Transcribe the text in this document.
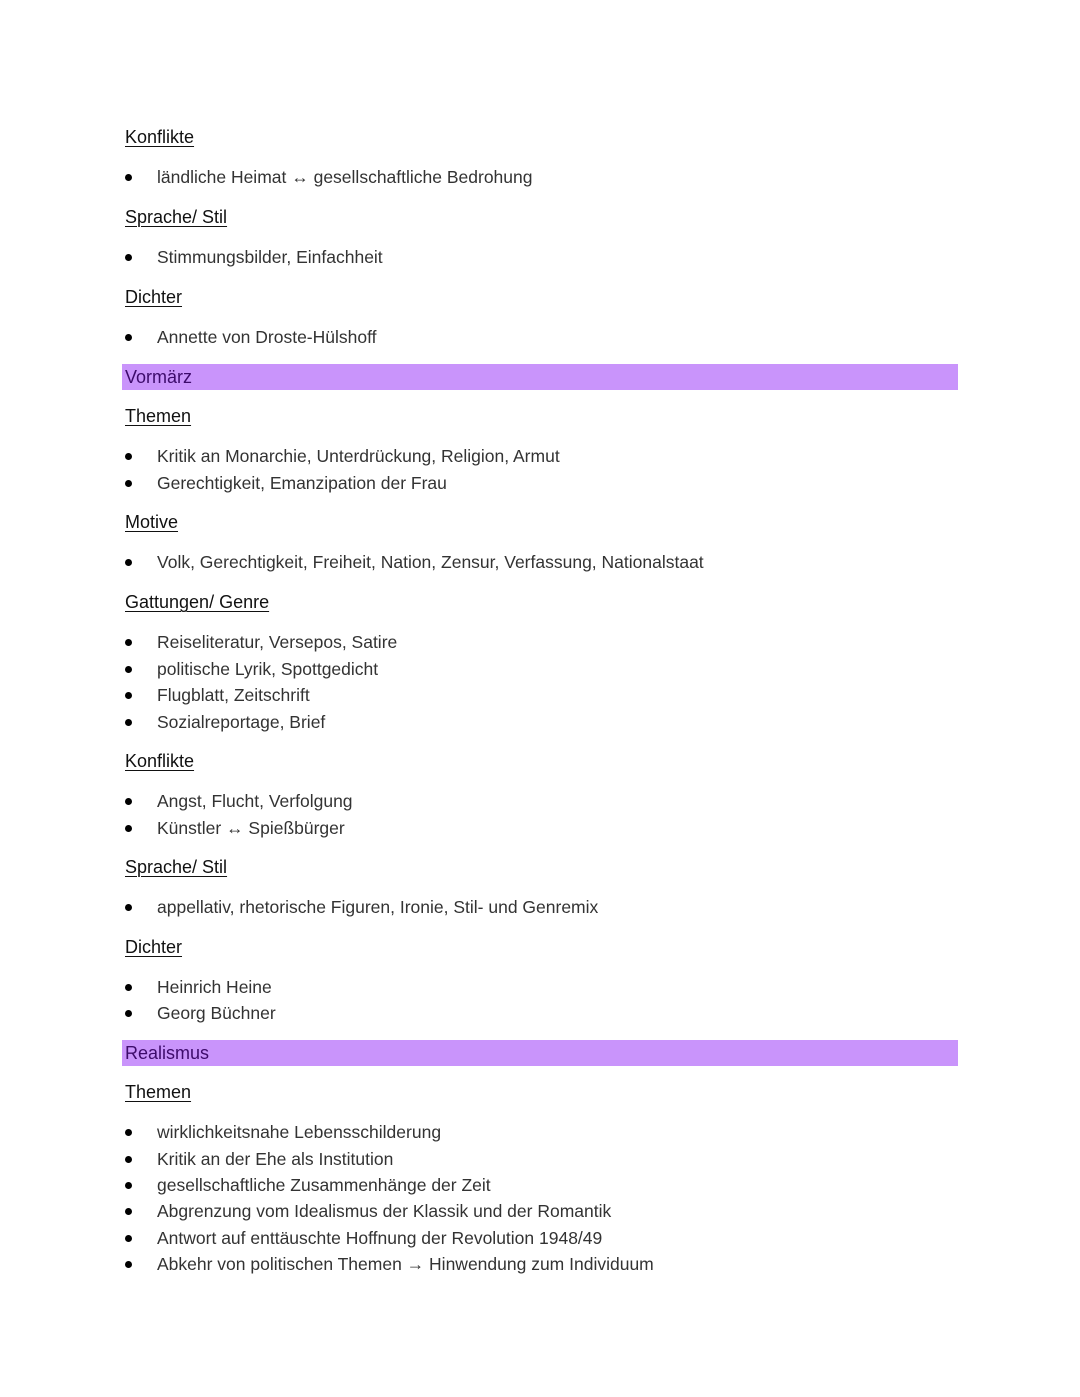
Konflikte
ländliche Heimat ↔ gesellschaftliche Bedrohung
Sprache/ Stil
Stimmungsbilder, Einfachheit
Dichter
Annette von Droste-Hülshoff
Vormärz
Themen
Kritik an Monarchie, Unterdrückung, Religion, Armut
Gerechtigkeit, Emanzipation der Frau
Motive
Volk, Gerechtigkeit, Freiheit, Nation, Zensur, Verfassung, Nationalstaat
Gattungen/ Genre
Reiseliteratur, Versepos, Satire
politische Lyrik, Spottgedicht
Flugblatt, Zeitschrift
Sozialreportage, Brief
Konflikte
Angst, Flucht, Verfolgung
Künstler ↔ Spießbürger
Sprache/ Stil
appellativ, rhetorische Figuren, Ironie, Stil- und Genremix
Dichter
Heinrich Heine
Georg Büchner
Realismus
Themen
wirklichkeitsnahe Lebensschilderung
Kritik an der Ehe als Institution
gesellschaftliche Zusammenhänge der Zeit
Abgrenzung vom Idealismus der Klassik und der Romantik
Antwort auf enttäuschte Hoffnung der Revolution 1948/49
Abkehr von politischen Themen → Hinwendung zum Individuum
